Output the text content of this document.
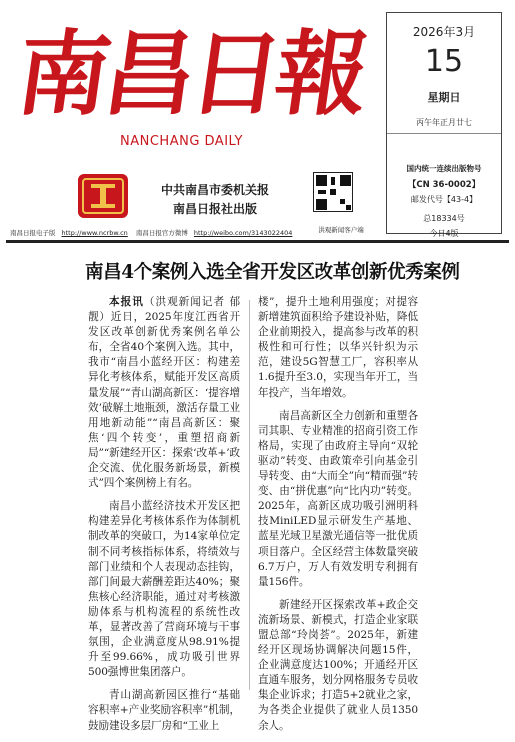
南昌日報
NANCHANG DAILY
中共南昌市委机关报
南昌日报社出版
洪观新闻客户端
南昌日报电子版 http://www.ncrbw.cn 南昌日报官方微博 http://weibo.com/3143022404
2026年3月
15
星期日
丙午年正月廿七
国内统一连续出版物号
【CN 36-0002】
邮发代号【43-4】
总18334号
今日4版
南昌4个案例入选全省开发区改革创新优秀案例

本报讯（洪观新闻记者 郁靓）近日，2025年度江西省开发区改革创新优秀案例名单公布，全省40个案例入选。其中，我市“南昌小蓝经开区：构建差异化考核体系，赋能开发区高质量发展”“青山湖高新区：‘提容增效’破解土地瓶颈，激活存量工业用地新动能”“南昌高新区：聚焦‘四个转变’，重塑招商新局”“新建经开区：探索‘改革+’政企交流、优化服务新场景，新模式”四个案例榜上有名。

南昌小蓝经济技术开发区把构建差异化考核体系作为体制机制改革的突破口，为14家单位定制不同考核指标体系，将绩效与部门业绩和个人表现动态挂钩，部门间最大薪酬差距达40%；聚焦核心经济职能，通过对考核激励体系与机构流程的系统性改革，显著改善了营商环境与干事氛围，企业满意度从98.91%提升至99.66%，成功吸引世界500强博世集团落户。

青山湖高新园区推行“基础容积率+产业奖励容积率”机制，鼓励建设多层厂房和“工业上

楼”，提升土地利用强度；对提容新增建筑面积给予建设补贴，降低企业前期投入，提高参与改革的积极性和可行性；以华兴针织为示范，建设5G智慧工厂，容积率从1.6提升至3.0，实现当年开工，当年投产，当年增效。

南昌高新区全力创新和重塑各司其职、专业精准的招商引资工作格局，实现了由政府主导向“双轮驱动”转变、由政策牵引向基金引导转变、由“大而全”向“精而强”转变、由“拼优惠”向“比内功”转变。2025年，高新区成功吸引洲明科技MiniLED显示研发生产基地、蓝星光域卫星激光通信等一批优质项目落户。全区经营主体数量突破6.7万户，万人有效发明专利拥有量156件。

新建经开区探索改革+政企交流新场景、新模式，打造企业家联盟总部“玲岗荟”。2025年，新建经开区现场协调解决问题15件，企业满意度达100%；开通经开区直通车服务，划分网格服务专员收集企业诉求；打造5+2就业之家，为各类企业提供了就业人员1350余人。
